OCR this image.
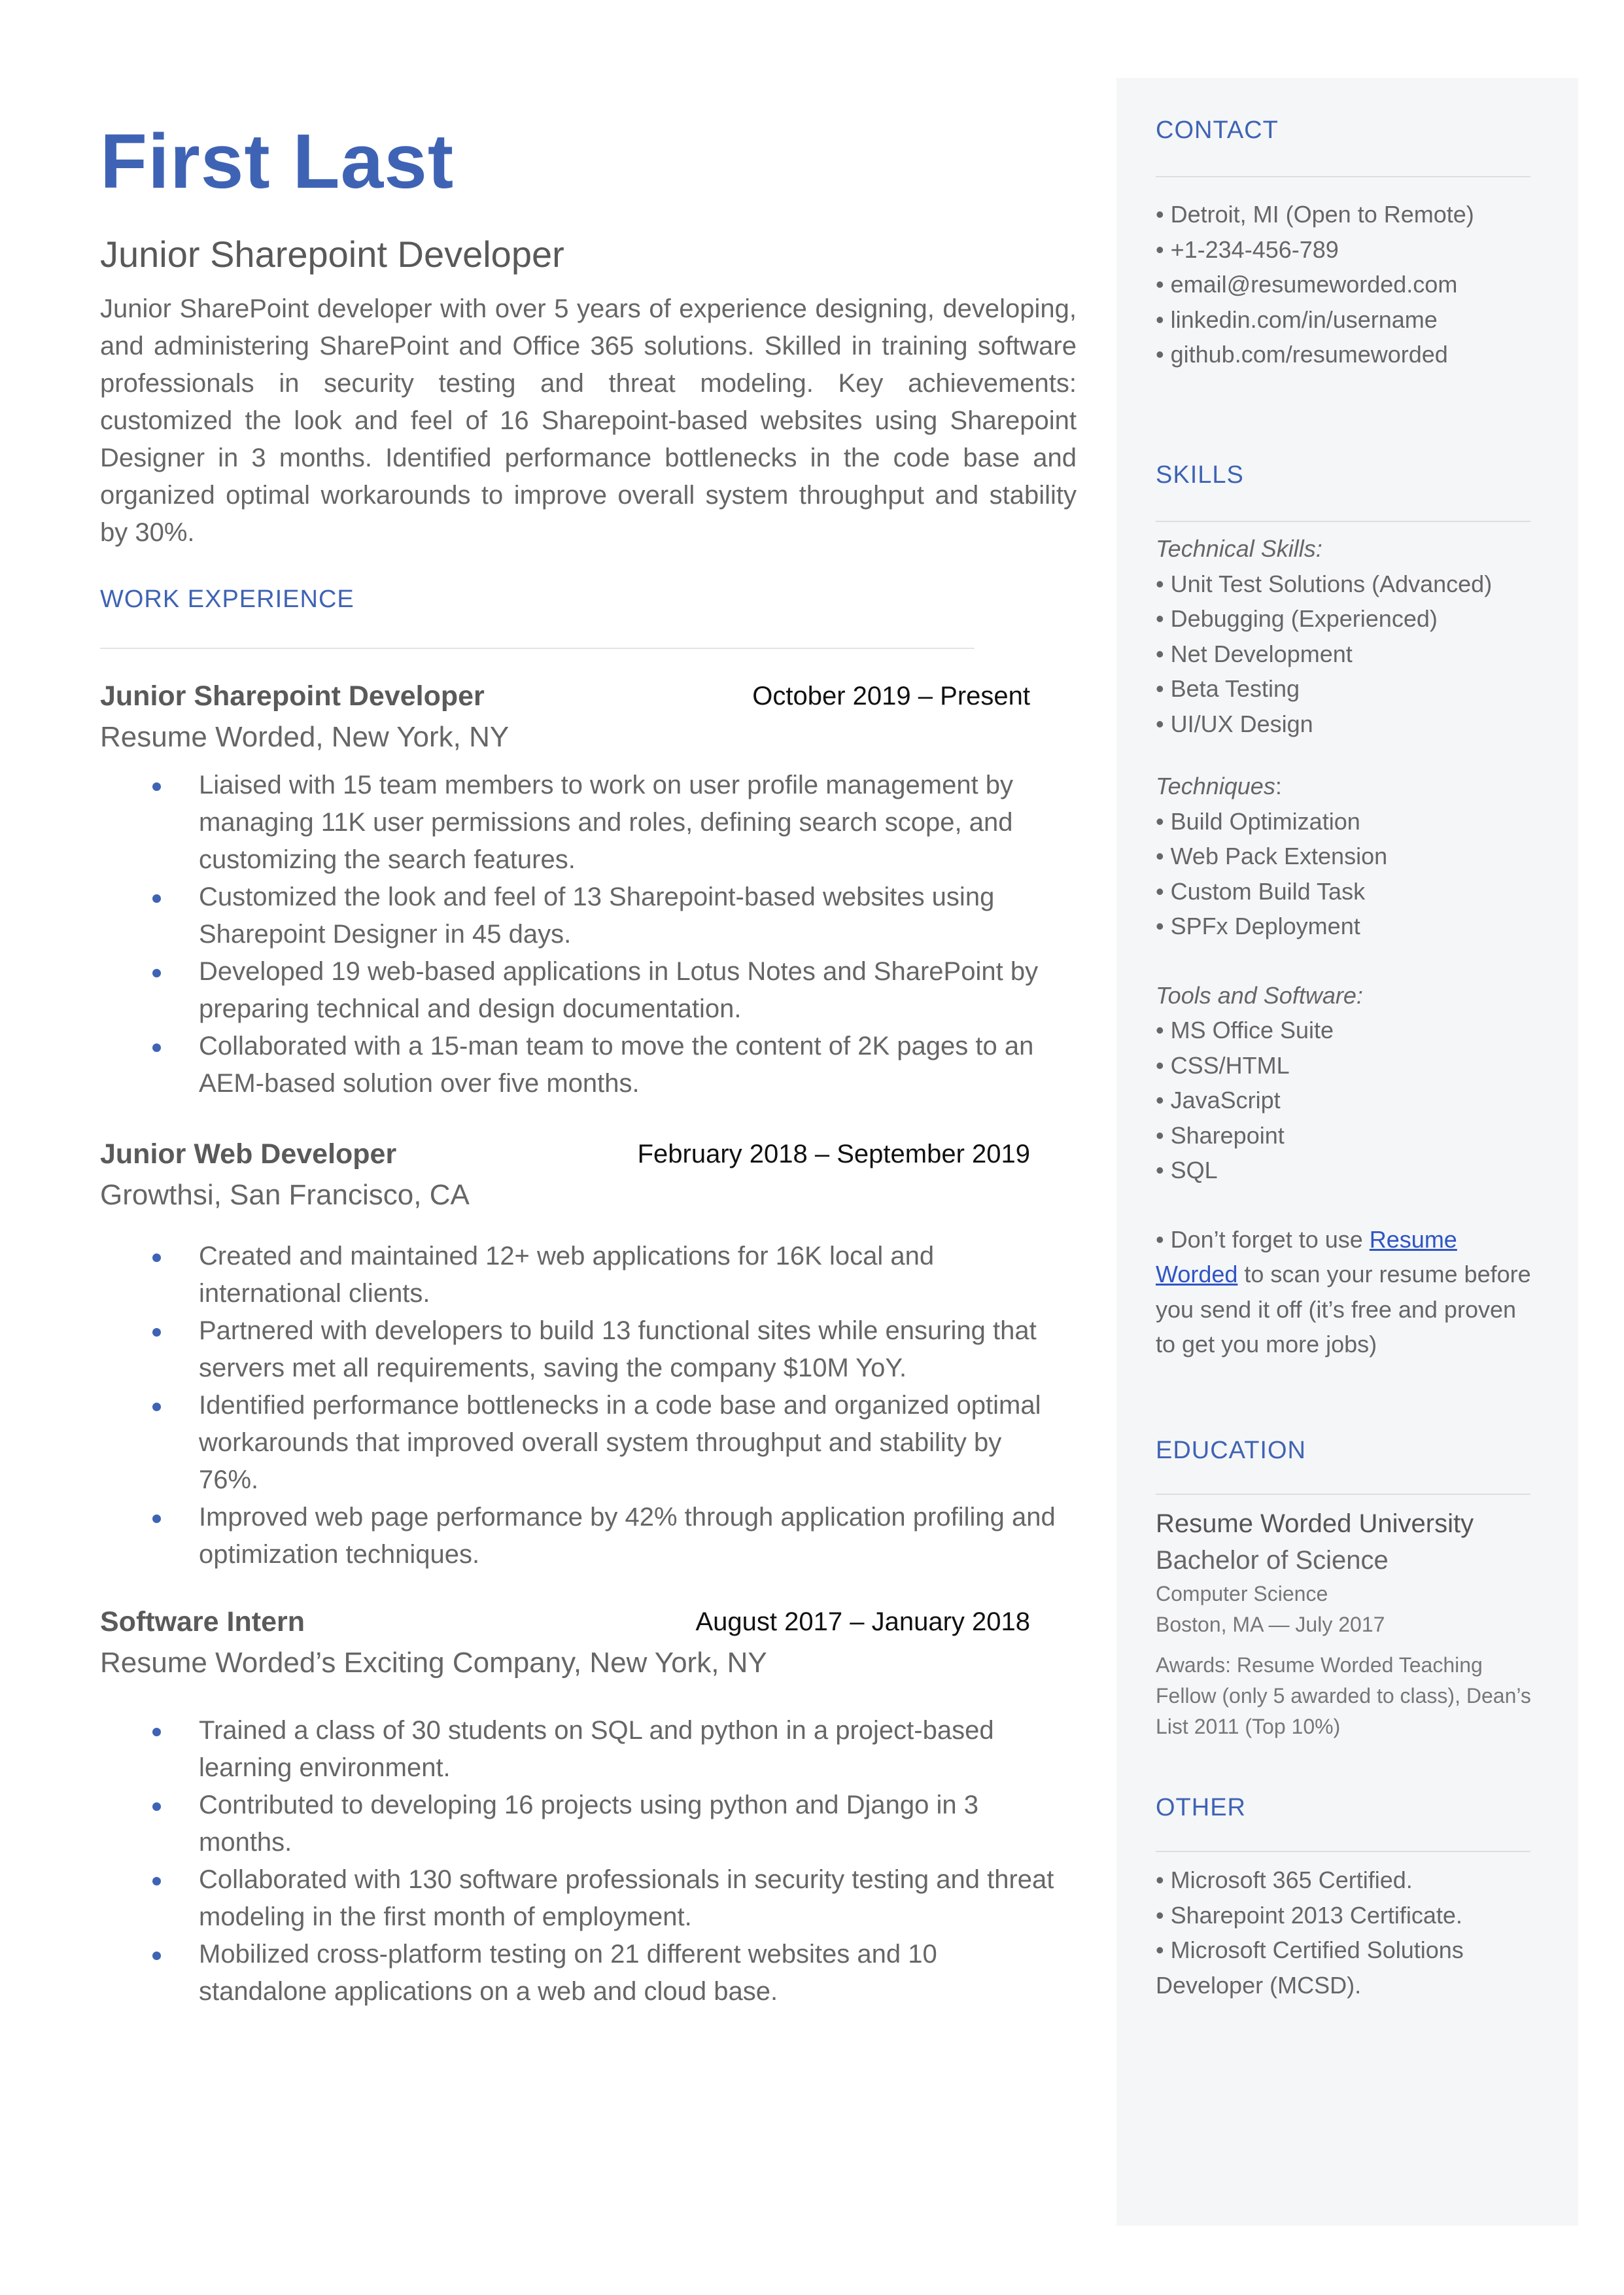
First Last
Junior Sharepoint Developer
Junior SharePoint developer with over 5 years of experience designing, developing, and administering SharePoint and Office 365 solutions. Skilled in training software professionals in security testing and threat modeling. Key achievements: customized the look and feel of 16 Sharepoint-based websites using Sharepoint Designer in 3 months. Identified performance bottlenecks in the code base and organized optimal workarounds to improve overall system throughput and stability by 30%.
WORK EXPERIENCE
Junior Sharepoint Developer	October 2019 – Present
Resume Worded, New York, NY
Liaised with 15 team members to work on user profile management by managing 11K user permissions and roles, defining search scope, and customizing the search features.
Customized the look and feel of 13 Sharepoint-based websites using Sharepoint Designer in 45 days.
Developed 19 web-based applications in Lotus Notes and SharePoint by preparing technical and design documentation.
Collaborated with a 15-man team to move the content of 2K pages to an AEM-based solution over five months.
Junior Web Developer	February 2018 – September 2019
Growthsi, San Francisco, CA
Created and maintained 12+ web applications for 16K local and international clients.
Partnered with developers to build 13 functional sites while ensuring that servers met all requirements, saving the company $10M YoY.
Identified performance bottlenecks in a code base and organized optimal workarounds that improved overall system throughput and stability by 76%.
Improved web page performance by 42% through application profiling and optimization techniques.
Software Intern	August 2017 – January 2018
Resume Worded’s Exciting Company, New York, NY
Trained a class of 30 students on SQL and python in a project-based learning environment.
Contributed to developing 16 projects using python and Django in 3 months.
Collaborated with 130 software professionals in security testing and threat modeling in the first month of employment.
Mobilized cross-platform testing on 21 different websites and 10 standalone applications on a web and cloud base.
CONTACT
• Detroit, MI (Open to Remote)
• +1-234-456-789
• email@resumeworded.com
• linkedin.com/in/username
• github.com/resumeworded
SKILLS
Technical Skills:
• Unit Test Solutions (Advanced)
• Debugging (Experienced)
• Net Development
• Beta Testing
• UI/UX Design
Techniques:
• Build Optimization
• Web Pack Extension
• Custom Build Task
• SPFx Deployment
Tools and Software:
• MS Office Suite
• CSS/HTML
• JavaScript
• Sharepoint
• SQL
• Don’t forget to use Resume Worded to scan your resume before you send it off (it’s free and proven to get you more jobs)
EDUCATION
Resume Worded University
Bachelor of Science
Computer Science
Boston, MA — July 2017
Awards: Resume Worded Teaching Fellow (only 5 awarded to class), Dean’s List 2011 (Top 10%)
OTHER
• Microsoft 365 Certified.
• Sharepoint 2013 Certificate.
• Microsoft Certified Solutions Developer (MCSD).
